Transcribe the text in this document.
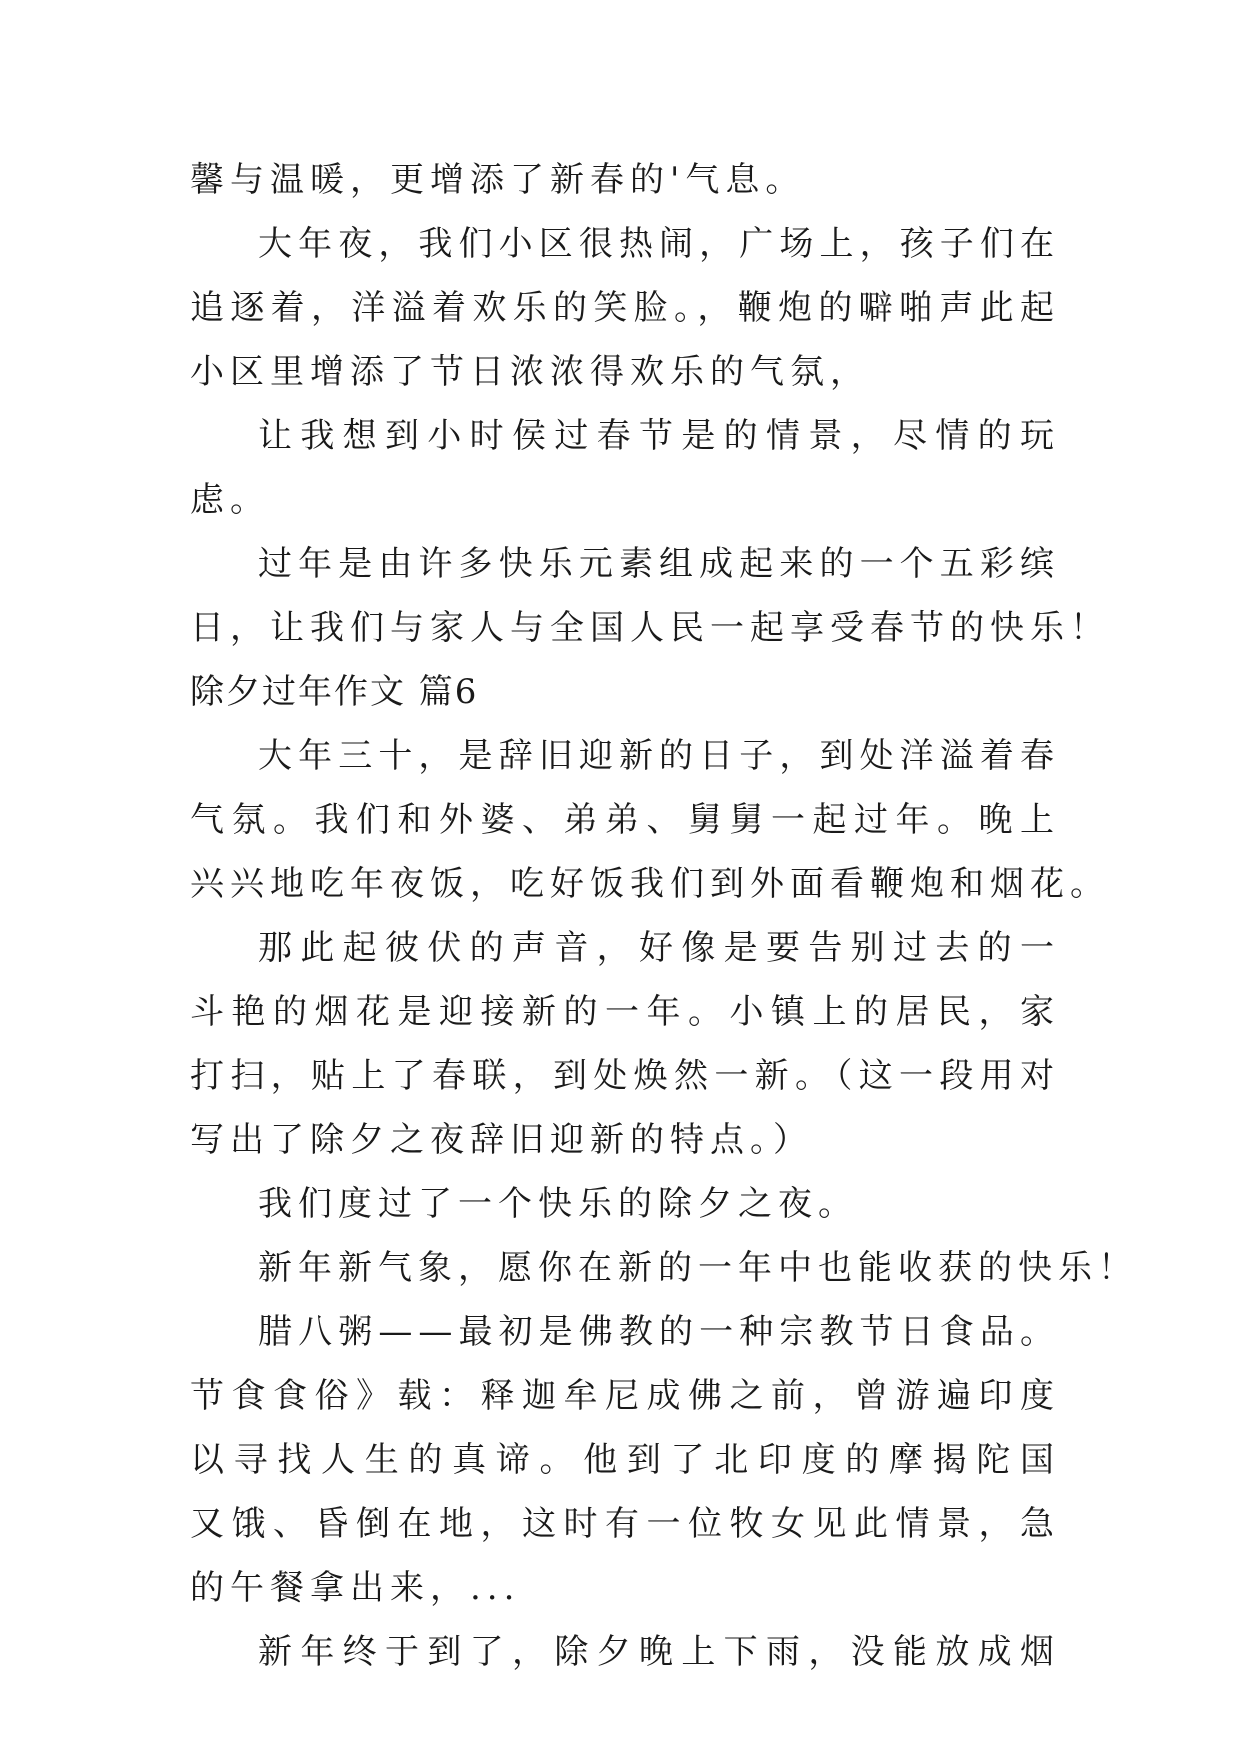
馨与温暖，更增添了新春的'气息。
大年夜，我们小区很热闹，广场上，孩子们在
追逐着，洋溢着欢乐的笑脸。，鞭炮的噼啪声此起
小区里增添了节日浓浓得欢乐的气氛，
让我想到小时侯过春节是的情景，尽情的玩
虑。
过年是由许多快乐元素组成起来的一个五彩缤
日，让我们与家人与全国人民一起享受春节的快乐！
除夕过年作文 篇6
大年三十，是辞旧迎新的日子，到处洋溢着春
气氛。我们和外婆、弟弟、舅舅一起过年。晚上
兴兴地吃年夜饭，吃好饭我们到外面看鞭炮和烟花。
那此起彼伏的声音，好像是要告别过去的一
斗艳的烟花是迎接新的一年。小镇上的居民，家
打扫，贴上了春联，到处焕然一新。（这一段用对
写出了除夕之夜辞旧迎新的特点。）
我们度过了一个快乐的除夕之夜。
新年新气象，愿你在新的一年中也能收获的快乐！
腊八粥——最初是佛教的一种宗教节日食品。
节食食俗》载：释迦牟尼成佛之前，曾游遍印度
以寻找人生的真谛。他到了北印度的摩揭陀国
又饿、昏倒在地，这时有一位牧女见此情景，急
的午餐拿出来，...
新年终于到了，除夕晚上下雨，没能放成烟
